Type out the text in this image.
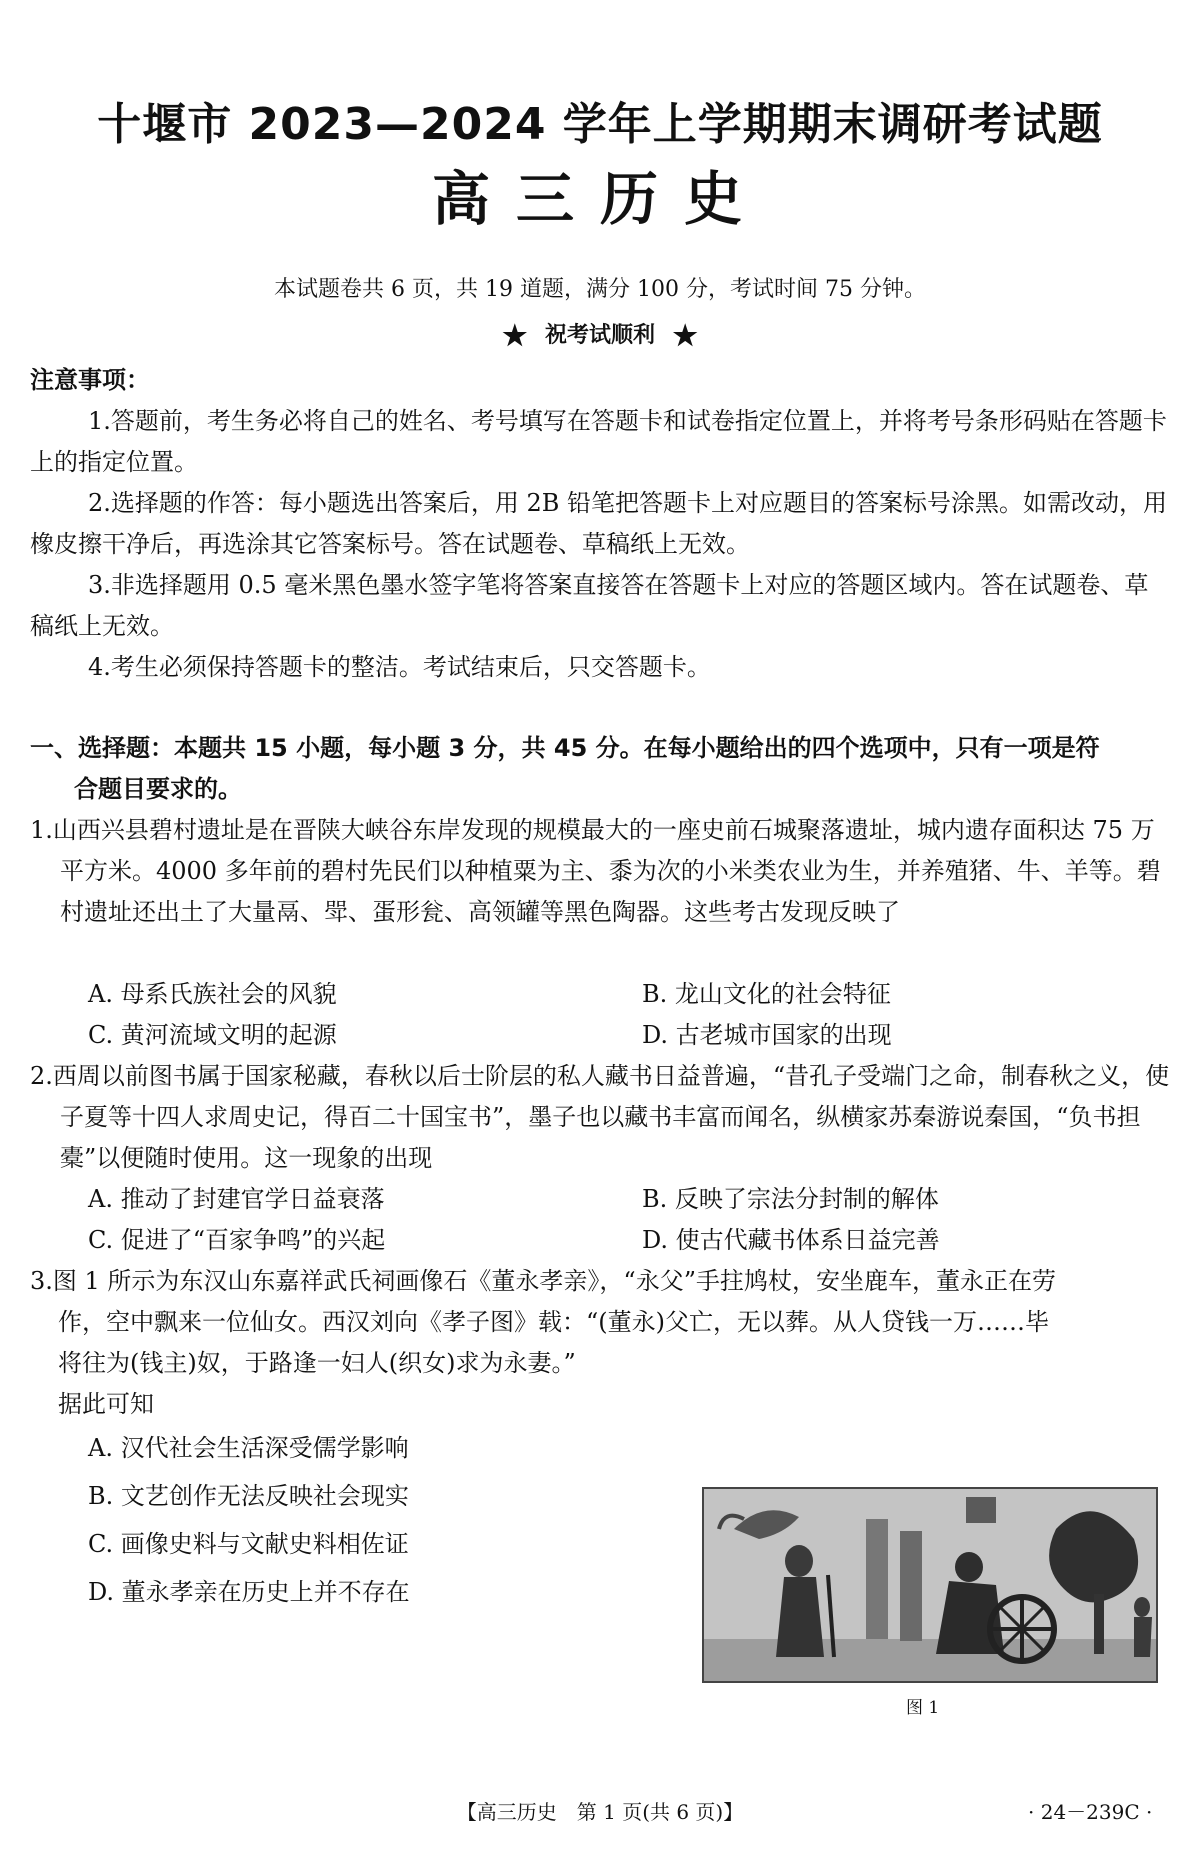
十堰市 2023—2024 学年上学期期末调研考试题
高三历史
本试题卷共 6 页，共 19 道题，满分 100 分，考试时间 75 分钟。
★ 祝考试顺利 ★
注意事项：
1.答题前，考生务必将自己的姓名、考号填写在答题卡和试卷指定位置上，并将考号条形码贴在答题卡上的指定位置。
2.选择题的作答：每小题选出答案后，用 2B 铅笔把答题卡上对应题目的答案标号涂黑。如需改动，用橡皮擦干净后，再选涂其它答案标号。答在试题卷、草稿纸上无效。
3.非选择题用 0.5 毫米黑色墨水签字笔将答案直接答在答题卡上对应的答题区域内。答在试题卷、草稿纸上无效。
4.考生必须保持答题卡的整洁。考试结束后，只交答题卡。
一、选择题：本题共 15 小题，每小题 3 分，共 45 分。在每小题给出的四个选项中，只有一项是符
合题目要求的。
1.山西兴县碧村遗址是在晋陕大峡谷东岸发现的规模最大的一座史前石城聚落遗址，城内遗存面积达 75 万平方米。4000 多年前的碧村先民们以种植粟为主、黍为次的小米类农业为生，并养殖猪、牛、羊等。碧村遗址还出土了大量鬲、斝、蛋形瓮、高领罐等黑色陶器。这些考古发现反映了
A. 母系氏族社会的风貌	B. 龙山文化的社会特征
C. 黄河流域文明的起源	D. 古老城市国家的出现
2.西周以前图书属于国家秘藏，春秋以后士阶层的私人藏书日益普遍，“昔孔子受端门之命，制春秋之义，使子夏等十四人求周史记，得百二十国宝书”，墨子也以藏书丰富而闻名，纵横家苏秦游说秦国，“负书担橐”以便随时使用。这一现象的出现
A. 推动了封建官学日益衰落	B. 反映了宗法分封制的解体
C. 促进了“百家争鸣”的兴起	D. 使古代藏书体系日益完善
3.图 1 所示为东汉山东嘉祥武氏祠画像石《董永孝亲》，“永父”手拄鸠杖，安坐鹿车，董永正在劳
作，空中飘来一位仙女。西汉刘向《孝子图》载：“(董永)父亡，无以葬。从人贷钱一万……毕
将往为(钱主)奴，于路逢一妇人(织女)求为永妻。”
据此可知
A. 汉代社会生活深受儒学影响
B. 文艺创作无法反映社会现实
C. 画像史料与文献史料相佐证
D. 董永孝亲在历史上并不存在
图 1
【高三历史　第 1 页(共 6 页)】	· 24－239C ·
